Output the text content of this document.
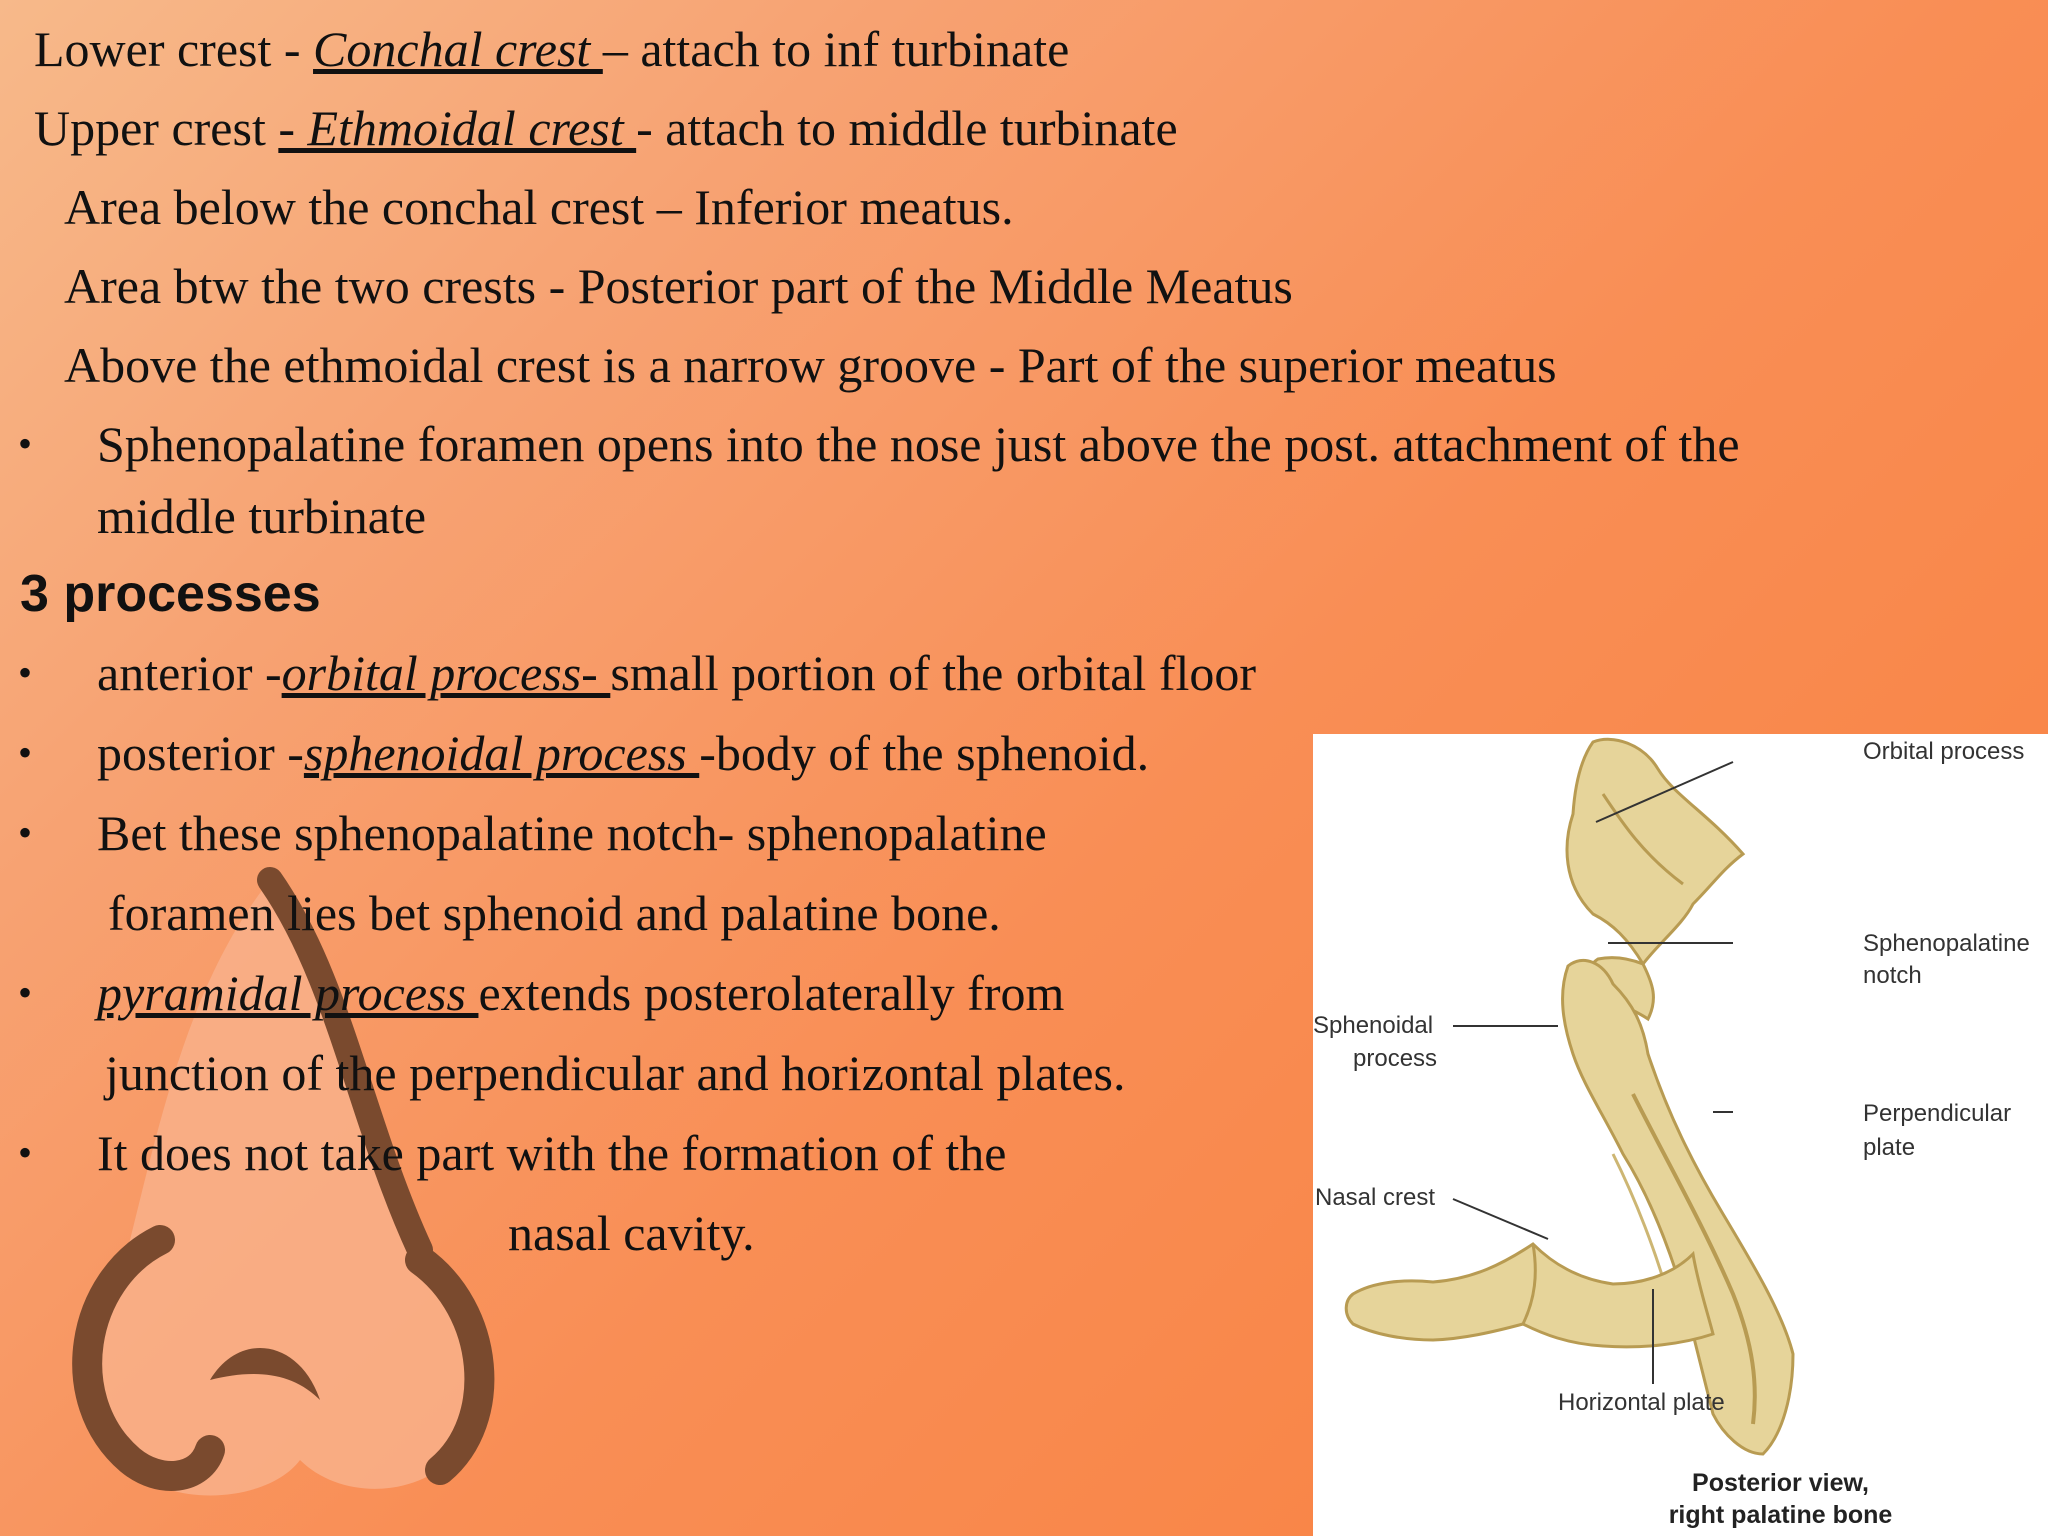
Lower crest - Conchal crest – attach to inf turbinate
Upper crest - Ethmoidal crest - attach to middle turbinate
Area below the conchal crest – Inferior meatus.
Area btw the two crests - Posterior part of the Middle Meatus
Above the ethmoidal crest is a narrow groove - Part of the superior meatus
• Sphenopalatine foramen opens into the nose just above the post. attachment of the
middle turbinate
3 processes
• anterior -orbital process- small portion of the orbital floor
• posterior -sphenoidal process -body of the sphenoid.
• Bet these sphenopalatine notch- sphenopalatine
foramen lies bet sphenoid and palatine bone.
• pyramidal process extends posterolaterally from
junction of the perpendicular and horizontal plates.
• It does not take part with the formation of the
nasal cavity.
Orbital process
Sphenopalatine
notch
Sphenoidal
process
Perpendicular
plate
Nasal crest
Horizontal plate
Posterior view,
right palatine bone
